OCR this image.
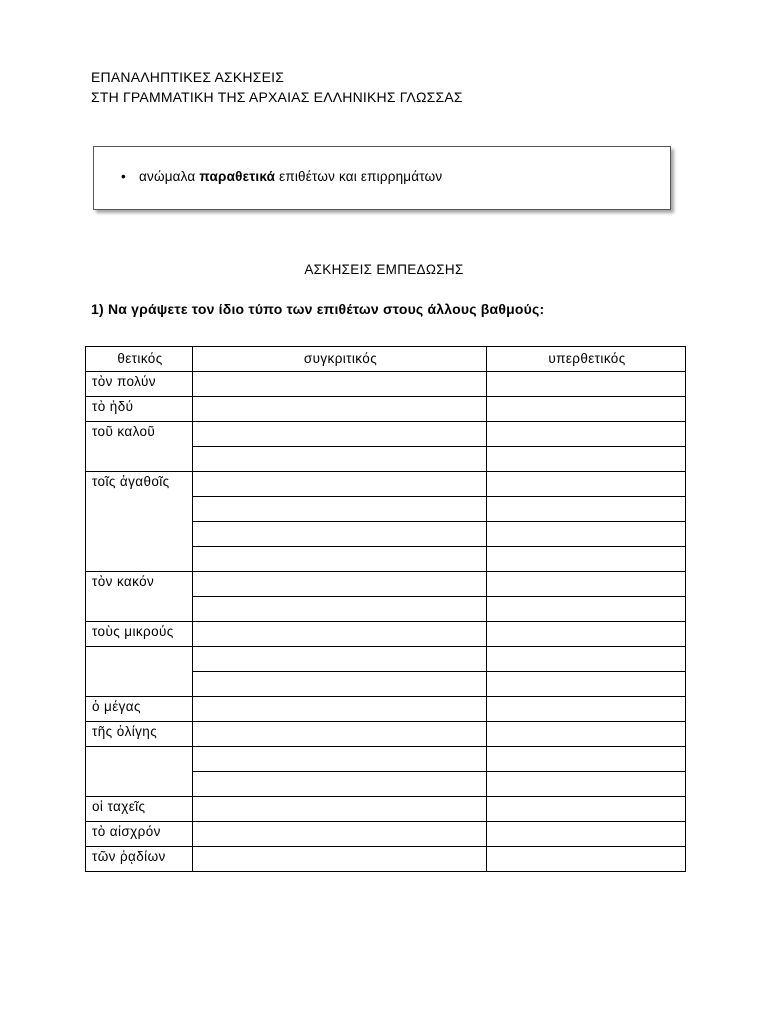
ΕΠΑΝΑΛΗΠΤΙΚΕΣ ΑΣΚΗΣΕΙΣ
ΣΤΗ ΓΡΑΜΜΑΤΙΚΗ ΤΗΣ ΑΡΧΑΙΑΣ ΕΛΛΗΝΙΚΗΣ ΓΛΩΣΣΑΣ
• ανώμαλα παραθετικά επιθέτων και επιρρημάτων
ΑΣΚΗΣΕΙΣ ΕΜΠΕΔΩΣΗΣ
1) Να γράψετε τον ίδιο τύπο των επιθέτων στους άλλους βαθμούς:
θετικός	συγκριτικός	υπερθετικός
τὸν πολύν		
τὸ ἡδύ		
τοῦ καλοῦ		

τοῖς ἀγαθοῖς		

τὸν κακόν		

τοὺς μικρούς		

ὁ μέγας		
τῆς ὀλίγης		

οἱ ταχεῖς		
τὸ αἰσχρόν		
τῶν ῥᾳδίων		
